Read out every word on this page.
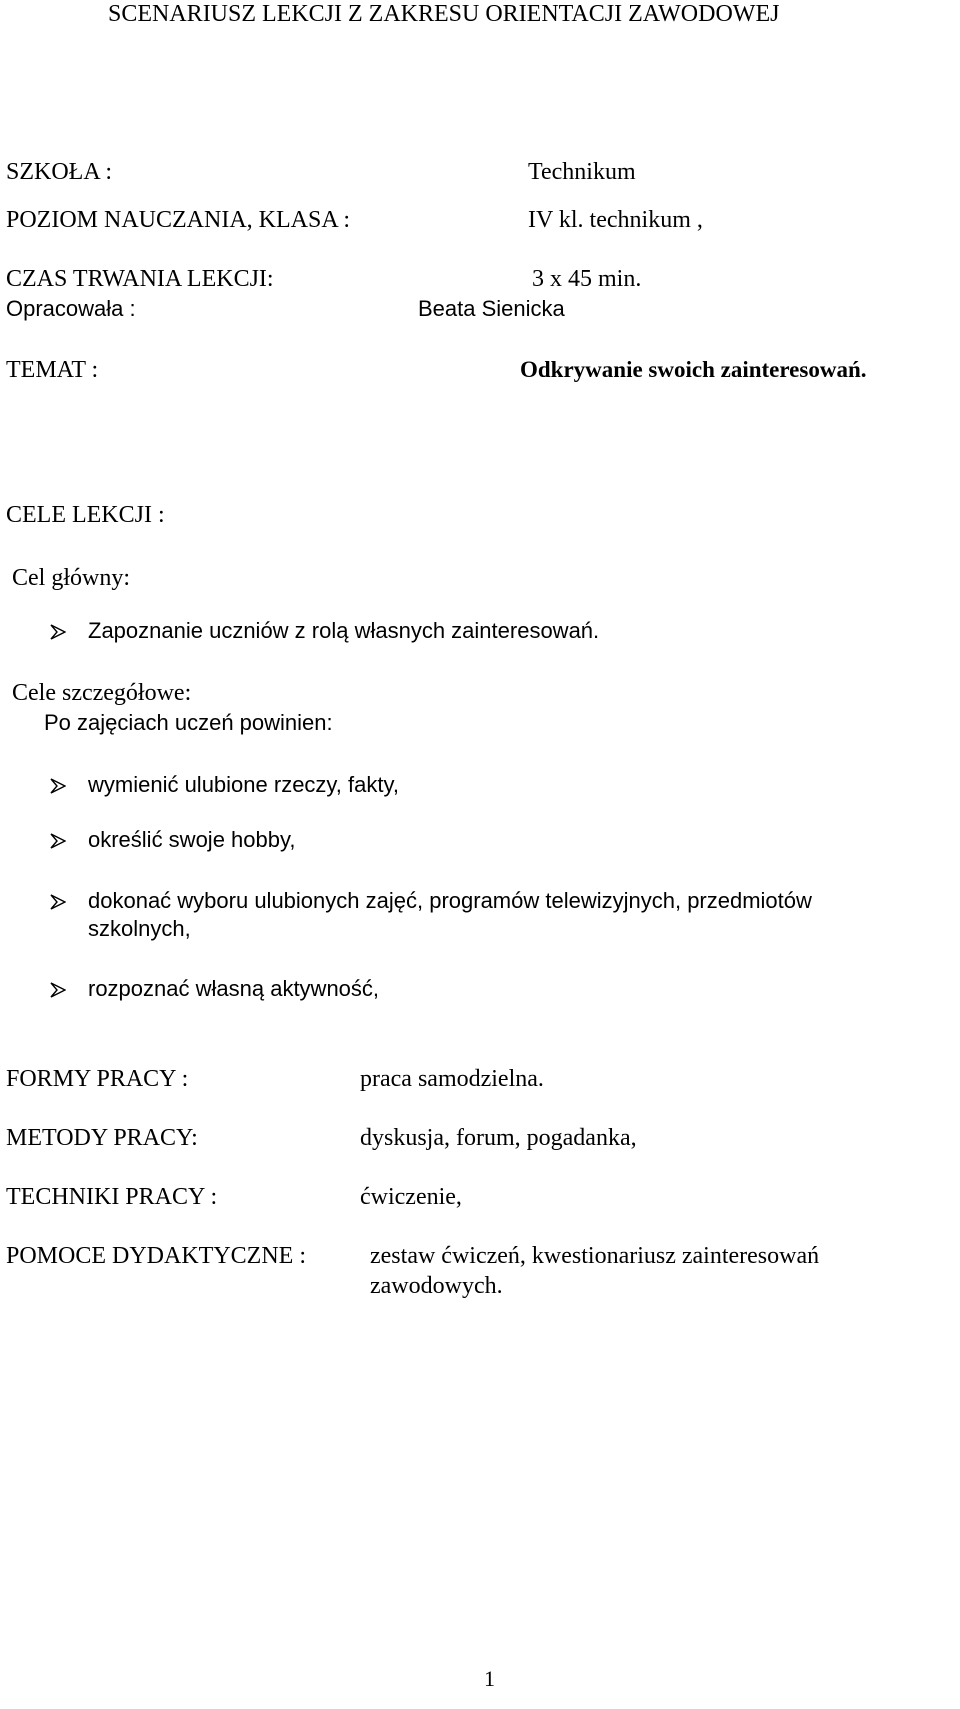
SCENARIUSZ LEKCJI Z ZAKRESU ORIENTACJI ZAWODOWEJ
SZKOŁA :	Technikum
POZIOM NAUCZANIA, KLASA :	IV kl. technikum ,
CZAS TRWANIA LEKCJI:	3 x 45 min.
Opracowała :	Beata Sienicka
TEMAT :	Odkrywanie swoich zainteresowań.
CELE LEKCJI :
Cel główny:
Zapoznanie uczniów z rolą własnych zainteresowań.
Cele szczegółowe:
Po zajęciach uczeń powinien:
wymienić ulubione rzeczy, fakty,
określić swoje hobby,
dokonać wyboru ulubionych zajęć, programów telewizyjnych, przedmiotów
szkolnych,
rozpoznać własną aktywność,
FORMY PRACY :	praca samodzielna.
METODY PRACY:	dyskusja, forum, pogadanka,
TECHNIKI PRACY :	ćwiczenie,
POMOCE DYDAKTYCZNE :	zestaw ćwiczeń, kwestionariusz zainteresowań
zawodowych.
1
